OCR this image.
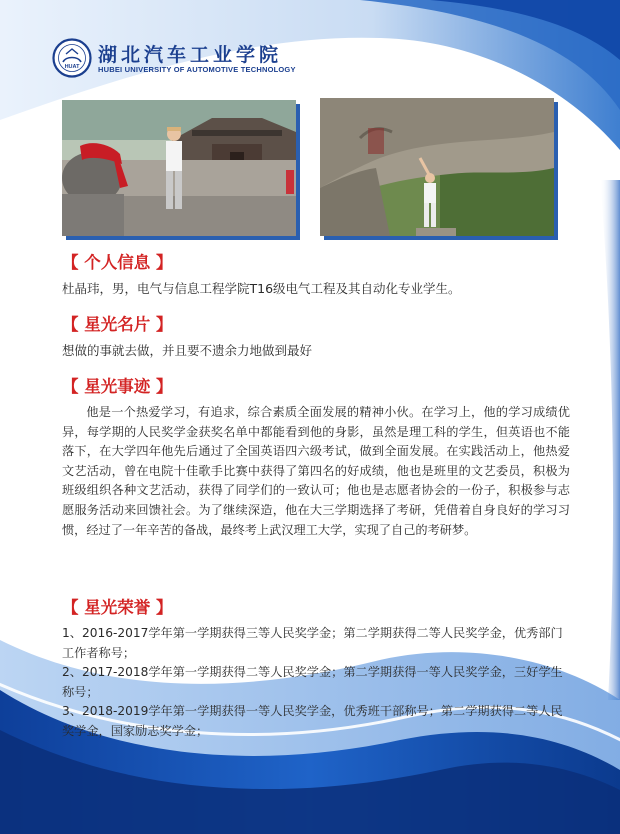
HUAT
湖北汽车工业学院
HUBEI UNIVERSITY OF AUTOMOTIVE TECHNOLOGY
【 个人信息 】
杜晶玮，男，电气与信息工程学院T16级电气工程及其自动化专业学生。
【 星光名片 】
想做的事就去做，并且要不遗余力地做到最好
【 星光事迹 】

他是一个热爱学习，有追求，综合素质全面发展的精神小伙。在学习上，他的学习成绩优异，每学期的人民奖学金获奖名单中都能看到他的身影，虽然是理工科的学生，但英语也不能落下，在大学四年他先后通过了全国英语四六级考试，做到全面发展。在实践活动上，他热爱文艺活动，曾在电院十佳歌手比赛中获得了第四名的好成绩，他也是班里的文艺委员，积极为班级组织各种文艺活动，获得了同学们的一致认可；他也是志愿者协会的一份子，积极参与志愿服务活动来回馈社会。为了继续深造，他在大三学期选择了考研，凭借着自身良好的学习习惯，经过了一年辛苦的备战，最终考上武汉理工大学，实现了自己的考研梦。

【 星光荣誉 】
1、2016-2017学年第一学期获得三等人民奖学金；第二学期获得二等人民奖学金，优秀部门工作者称号；
2、2017-2018学年第一学期获得二等人民奖学金；第二学期获得一等人民奖学金，三好学生称号；
3、2018-2019学年第一学期获得一等人民奖学金，优秀班干部称号；第二学期获得二等人民奖学金，国家励志奖学金；
